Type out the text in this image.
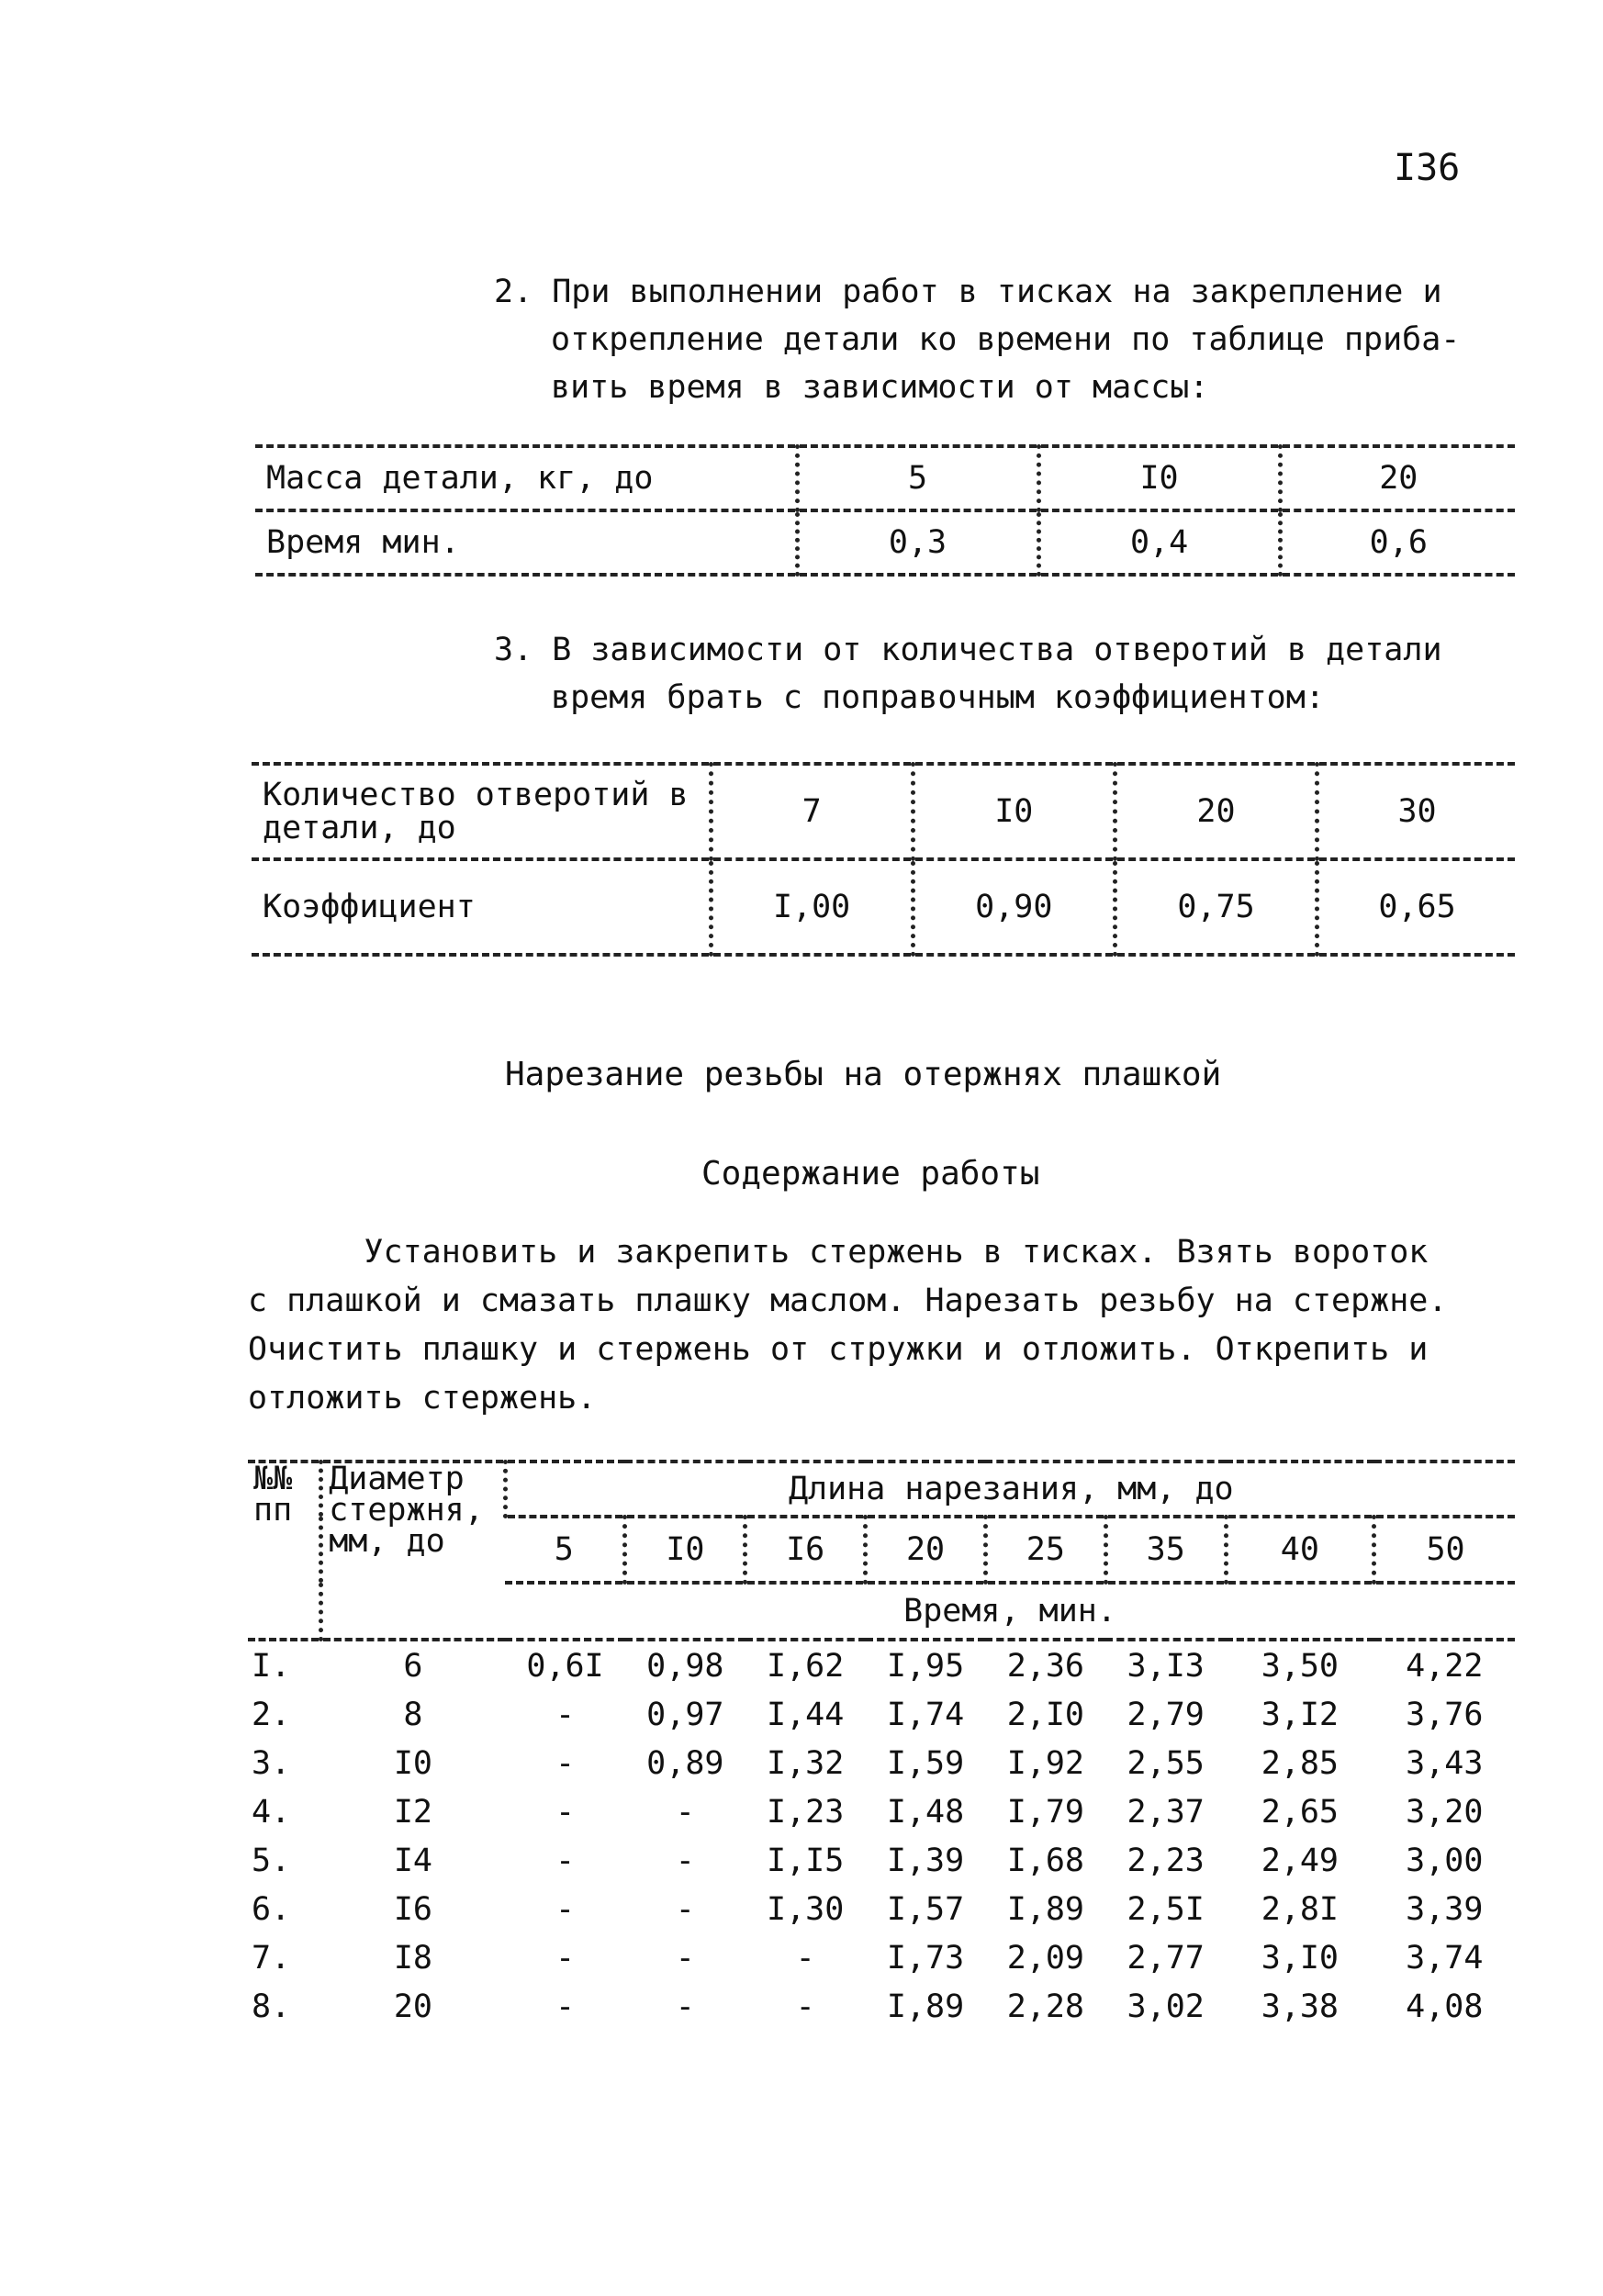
I36
2. При выполнении работ в тисках на закрепление и
открепление детали ко времени по таблице приба-
вить время в зависимости от массы:
Масса детали, кг, до	5	I0	20
Время мин.	0,3	0,4	0,6
3. В зависимости от количества отверотий в детали
время брать с поправочным коэффициентом:
Количество отверотий в
детали, до	7	I0	20	30
Коэффициент	I,00	0,90	0,75	0,65
Нарезание резьбы на отержнях плашкой
Содержание работы
Установить и закрепить стержень в тисках. Взять вороток
с плашкой и смазать плашку маслом. Нарезать резьбу на стержне.
Очистить плашку и стержень от стружки и отложить. Открепить и
отложить стержень.
№№
пп	Диаметр
стержня,
мм, до	Длина нарезания, мм, до							
		5	I0	I6	20	25	35	40	50
		Время, мин.							
I.	6	0,6I	0,98	I,62	I,95	2,36	3,I3	3,50	4,22
2.	8	-	0,97	I,44	I,74	2,I0	2,79	3,I2	3,76
3.	I0	-	0,89	I,32	I,59	I,92	2,55	2,85	3,43
4.	I2	-	-	I,23	I,48	I,79	2,37	2,65	3,20
5.	I4	-	-	I,I5	I,39	I,68	2,23	2,49	3,00
6.	I6	-	-	I,30	I,57	I,89	2,5I	2,8I	3,39
7.	I8	-	-	-	I,73	2,09	2,77	3,I0	3,74
8.	20	-	-	-	I,89	2,28	3,02	3,38	4,08
